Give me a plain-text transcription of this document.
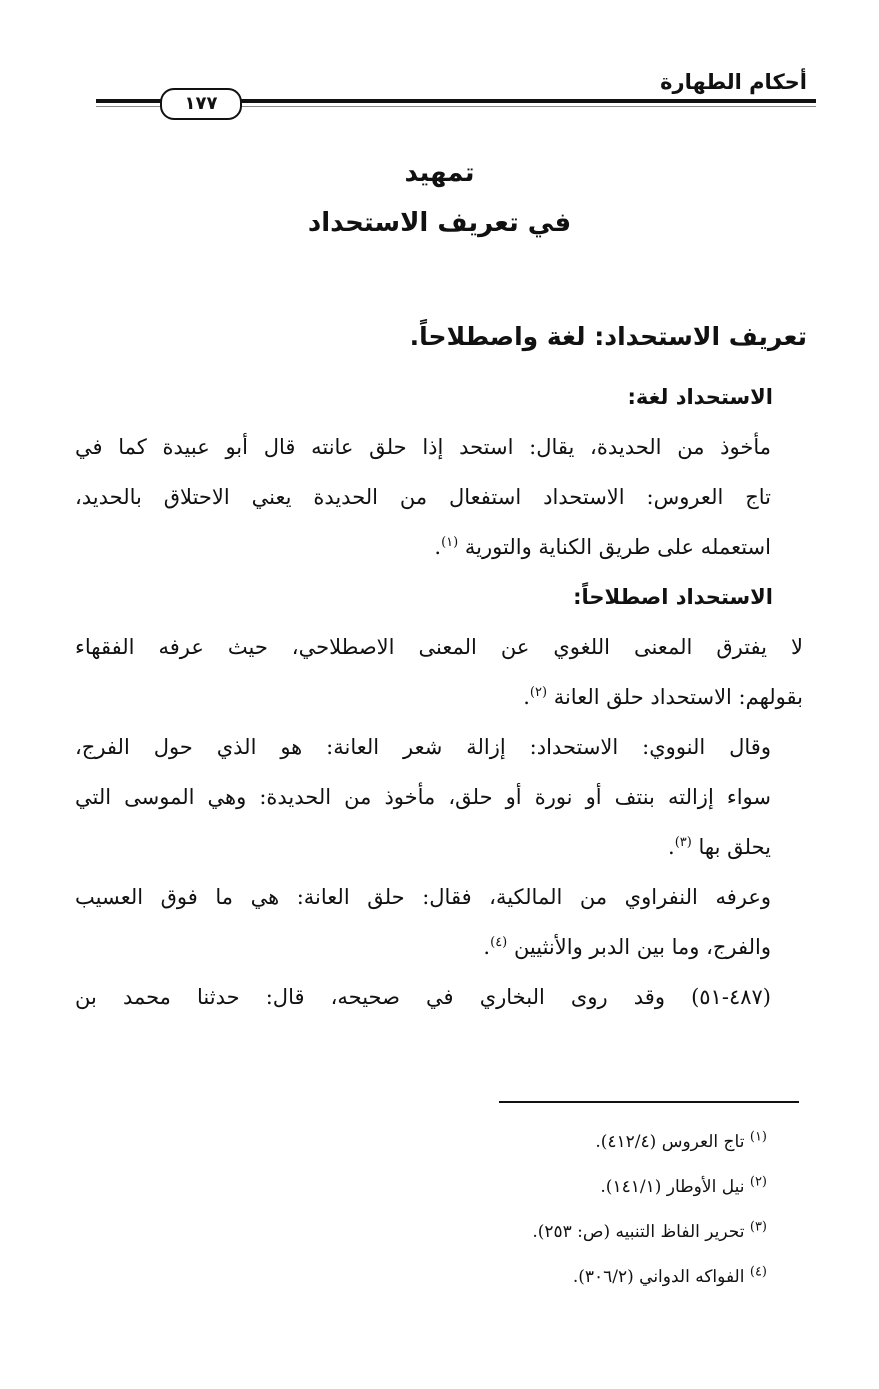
أحكام الطهارة
١٧٧
تمهيد
في تعريف الاستحداد
تعريف الاستحداد: لغة واصطلاحاً.

الاستحداد لغة:

مأخوذ من الحديدة، يقال: استحد إذا حلق عانته قال أبو عبيدة كما في
تاج العروس: الاستحداد استفعال من الحديدة يعني الاحتلاق بالحديد،
استعمله على طريق الكناية والتورية $^{(١)}$.

الاستحداد اصطلاحاً:

لا يفترق المعنى اللغوي عن المعنى الاصطلاحي، حيث عرفه الفقهاء
بقولهم: الاستحداد حلق العانة $^{(٢)}$.

وقال النووي: الاستحداد: إزالة شعر العانة: هو الذي حول الفرج،
سواء إزالته بنتف أو نورة أو حلق، مأخوذ من الحديدة: وهي الموسى التي
يحلق بها $^{(٣)}$.

وعرفه النفراوي من المالكية، فقال: حلق العانة: هي ما فوق العسيب
والفرج، وما بين الدبر والأنثيين $^{(٤)}$.

(٤٨٧-٥١) وقد روى البخاري في صحيحه، قال: حدثنا محمد بن

$^{(١)}$ تاج العروس (٤١٢/٤).

$^{(٢)}$ نيل الأوطار (١٤١/١).

$^{(٣)}$ تحرير الفاظ التنبيه (ص: ٢٥٣).

$^{(٤)}$ الفواكه الدواني (٣٠٦/٢).
